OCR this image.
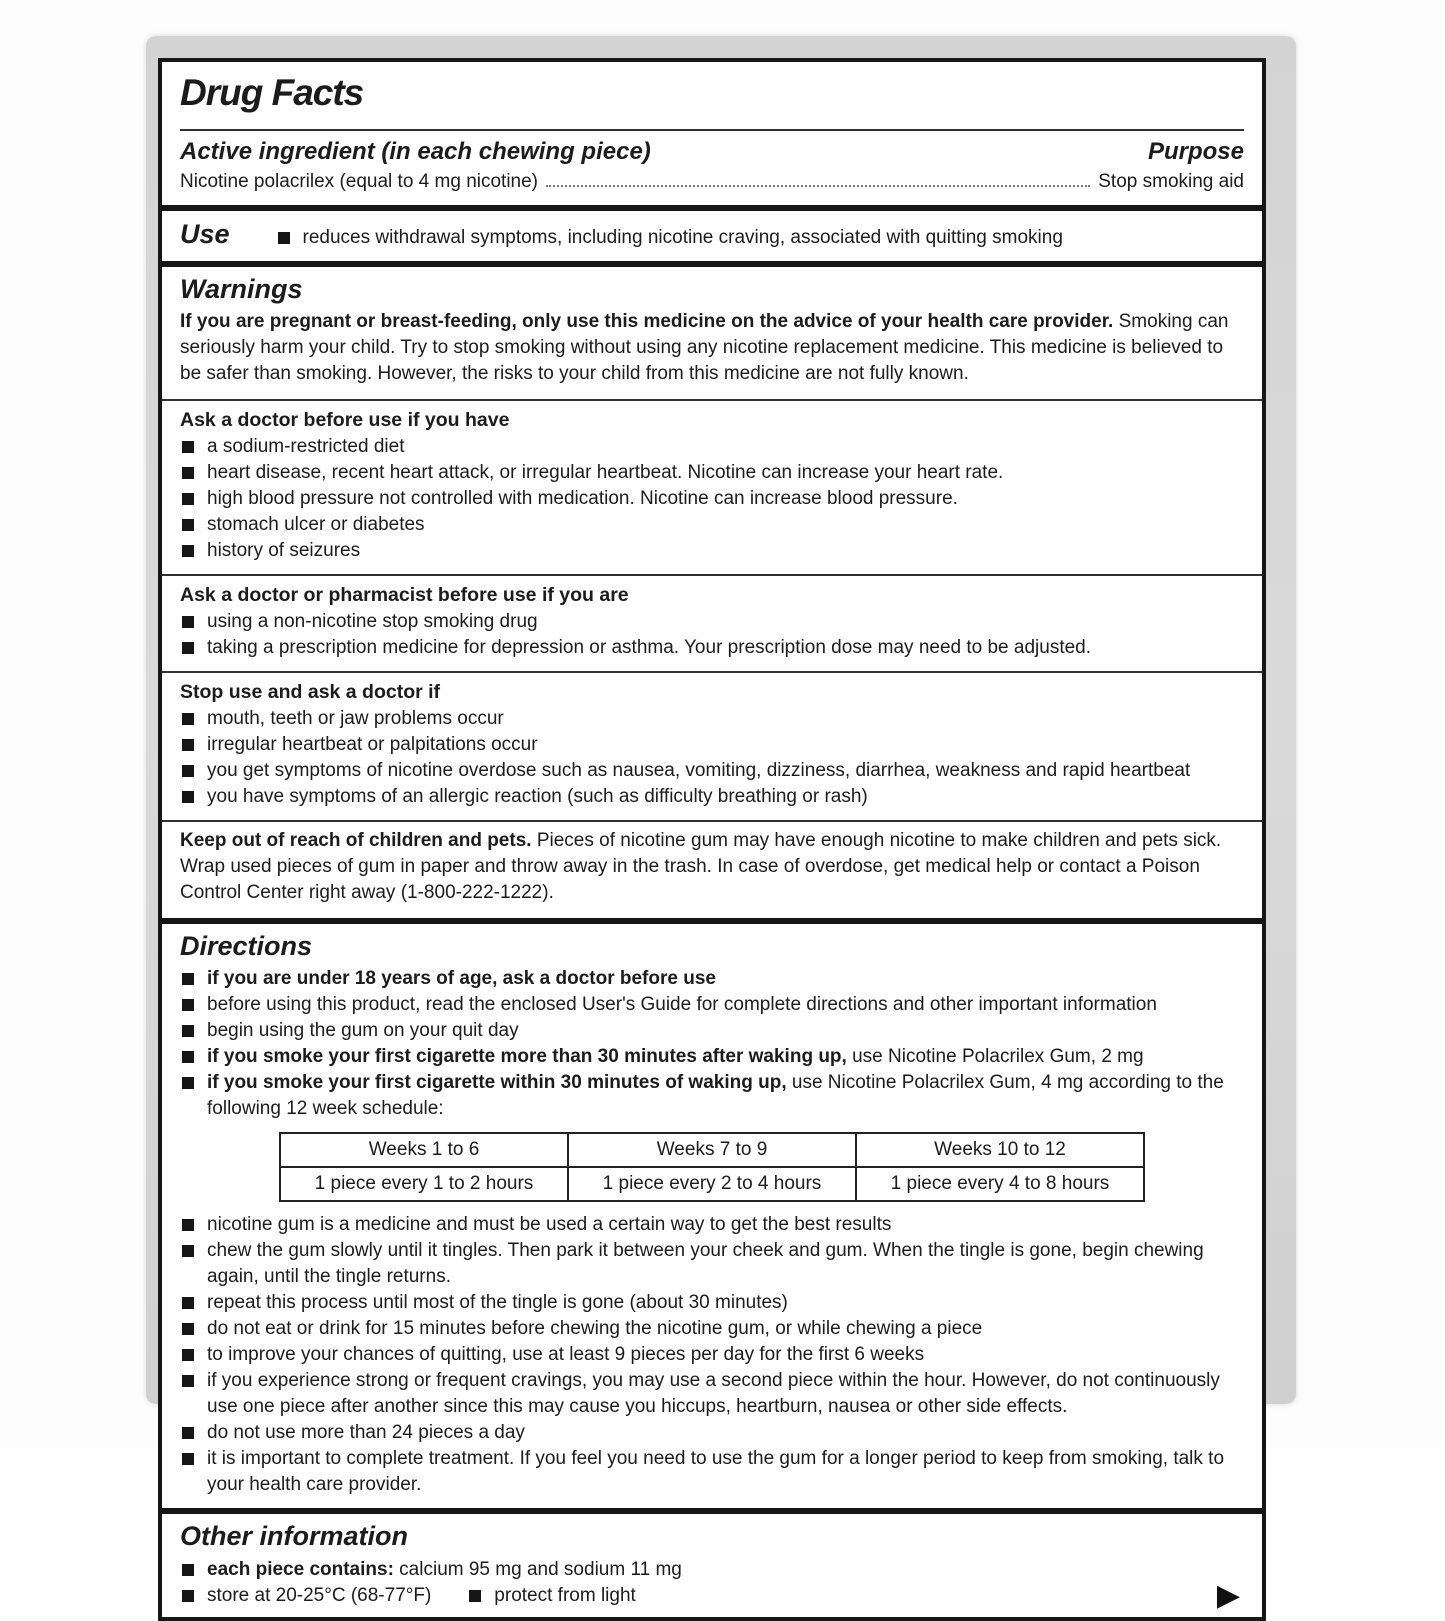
Drug Facts
Active ingredient (in each chewing piece)	Purpose
Nicotine polacrilex (equal to 4 mg nicotine)	Stop smoking aid
Use	reduces withdrawal symptoms, including nicotine craving, associated with quitting smoking
Warnings

If you are pregnant or breast-feeding, only use this medicine on the advice of your health care provider. Smoking can seriously harm your child. Try to stop smoking without using any nicotine replacement medicine. This medicine is believed to be safer than smoking. However, the risks to your child from this medicine are not fully known.

Ask a doctor before use if you have
a sodium-restricted diet
heart disease, recent heart attack, or irregular heartbeat. Nicotine can increase your heart rate.
high blood pressure not controlled with medication. Nicotine can increase blood pressure.
stomach ulcer or diabetes
history of seizures
Ask a doctor or pharmacist before use if you are
using a non-nicotine stop smoking drug
taking a prescription medicine for depression or asthma. Your prescription dose may need to be adjusted.
Stop use and ask a doctor if
mouth, teeth or jaw problems occur
irregular heartbeat or palpitations occur
you get symptoms of nicotine overdose such as nausea, vomiting, dizziness, diarrhea, weakness and rapid heartbeat
you have symptoms of an allergic reaction (such as difficulty breathing or rash)

Keep out of reach of children and pets. Pieces of nicotine gum may have enough nicotine to make children and pets sick. Wrap used pieces of gum in paper and throw away in the trash. In case of overdose, get medical help or contact a Poison Control Center right away (1-800-222-1222).

Directions
if you are under 18 years of age, ask a doctor before use
before using this product, read the enclosed User's Guide for complete directions and other important information
begin using the gum on your quit day
if you smoke your first cigarette more than 30 minutes after waking up, use Nicotine Polacrilex Gum, 2 mg
if you smoke your first cigarette within 30 minutes of waking up, use Nicotine Polacrilex Gum, 4 mg according to the following 12 week schedule:
Weeks 1 to 6	Weeks 7 to 9	Weeks 10 to 12
1 piece every 1 to 2 hours	1 piece every 2 to 4 hours	1 piece every 4 to 8 hours
nicotine gum is a medicine and must be used a certain way to get the best results
chew the gum slowly until it tingles. Then park it between your cheek and gum. When the tingle is gone, begin chewing again, until the tingle returns.
repeat this process until most of the tingle is gone (about 30 minutes)
do not eat or drink for 15 minutes before chewing the nicotine gum, or while chewing a piece
to improve your chances of quitting, use at least 9 pieces per day for the first 6 weeks
if you experience strong or frequent cravings, you may use a second piece within the hour. However, do not continuously use one piece after another since this may cause you hiccups, heartburn, nausea or other side effects.
do not use more than 24 pieces a day
it is important to complete treatment. If you feel you need to use the gum for a longer period to keep from smoking, talk to your health care provider.
Other information
each piece contains: calcium 95 mg and sodium 11 mg
store at 20-25°C (68-77°F)	protect from light	▶
